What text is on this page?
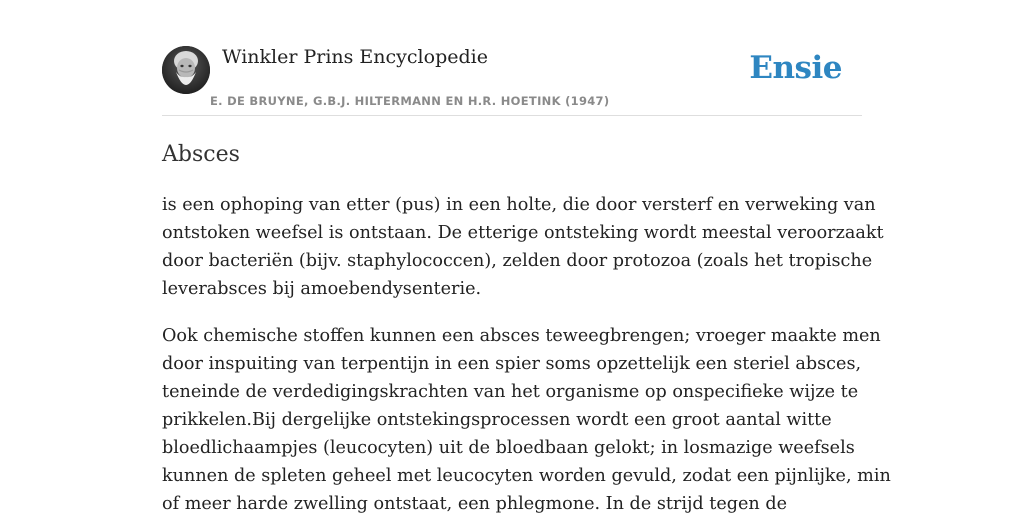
Winkler Prins Encyclopedie
E. DE BRUYNE, G.B.J. HILTERMANN EN H.R. HOETINK (1947)
Ensie
Absces
is een ophoping van etter (pus) in een holte, die door versterf en verweking van
ontstoken weefsel is ontstaan. De etterige ontsteking wordt meestal veroorzaakt
door bacteriën (bijv. staphylococcen), zelden door protozoa (zoals het tropische
leverabsces bij amoebendysenterie.
Ook chemische stoffen kunnen een absces teweegbrengen; vroeger maakte men
door inspuiting van terpentijn in een spier soms opzettelijk een steriel absces,
teneinde de verdedigingskrachten van het organisme op onspecifieke wijze te
prikkelen.Bij dergelijke ontstekingsprocessen wordt een groot aantal witte
bloedlichaampjes (leucocyten) uit de bloedbaan gelokt; in losmazige weefsels
kunnen de spleten geheel met leucocyten worden gevuld, zodat een pijnlijke, min
of meer harde zwelling ontstaat, een phlegmone. In de strijd tegen de
